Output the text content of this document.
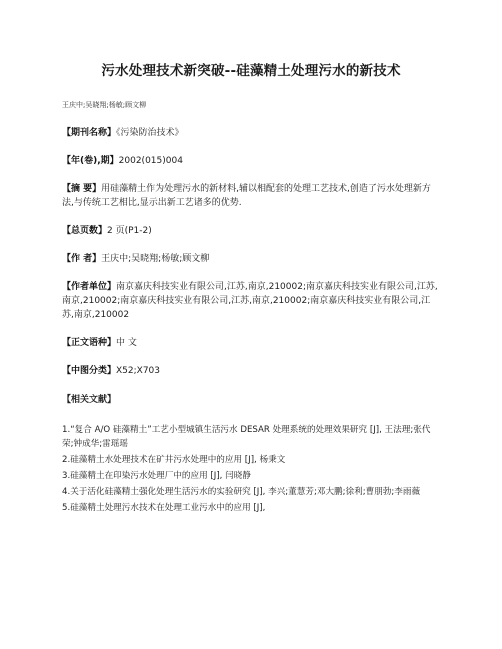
污水处理技术新突破--硅藻精土处理污水的新技术
王庆中;吴晓翔;杨敏;顾文柳
【期刊名称】《污染防治技术》
【年(卷),期】2002(015)004
【摘 要】用硅藻精土作为处理污水的新材料,辅以相配套的处理工艺技术,创造了污水处理新方法,与传统工艺相比,显示出新工艺诸多的优势.
【总页数】2 页(P1-2)
【作 者】王庆中;吴晓翔;杨敏;顾文柳
【作者单位】南京嘉庆科技实业有限公司,江苏,南京,210002;南京嘉庆科技实业有限公司,江苏,南京,210002;南京嘉庆科技实业有限公司,江苏,南京,210002;南京嘉庆科技实业有限公司,江苏,南京,210002
【正文语种】中 文
【中图分类】X52;X703
【相关文献】
1.“复合 A/O 硅藻精土”工艺小型城镇生活污水 DESAR 处理系统的处理效果研究 [J], 王法理;张代荣;钟成华;雷瑶瑶
2.硅藻精土水处理技术在矿井污水处理中的应用 [J], 杨秉文
3.硅藻精土在印染污水处理厂中的应用 [J], 闫晓静
4.关于活化硅藻精土强化处理生活污水的实验研究 [J], 李兴;董慧芳;邓大鹏;徐利;曹朋勃;李雨薇
5.硅藻精土处理污水技术在处理工业污水中的应用 [J],
